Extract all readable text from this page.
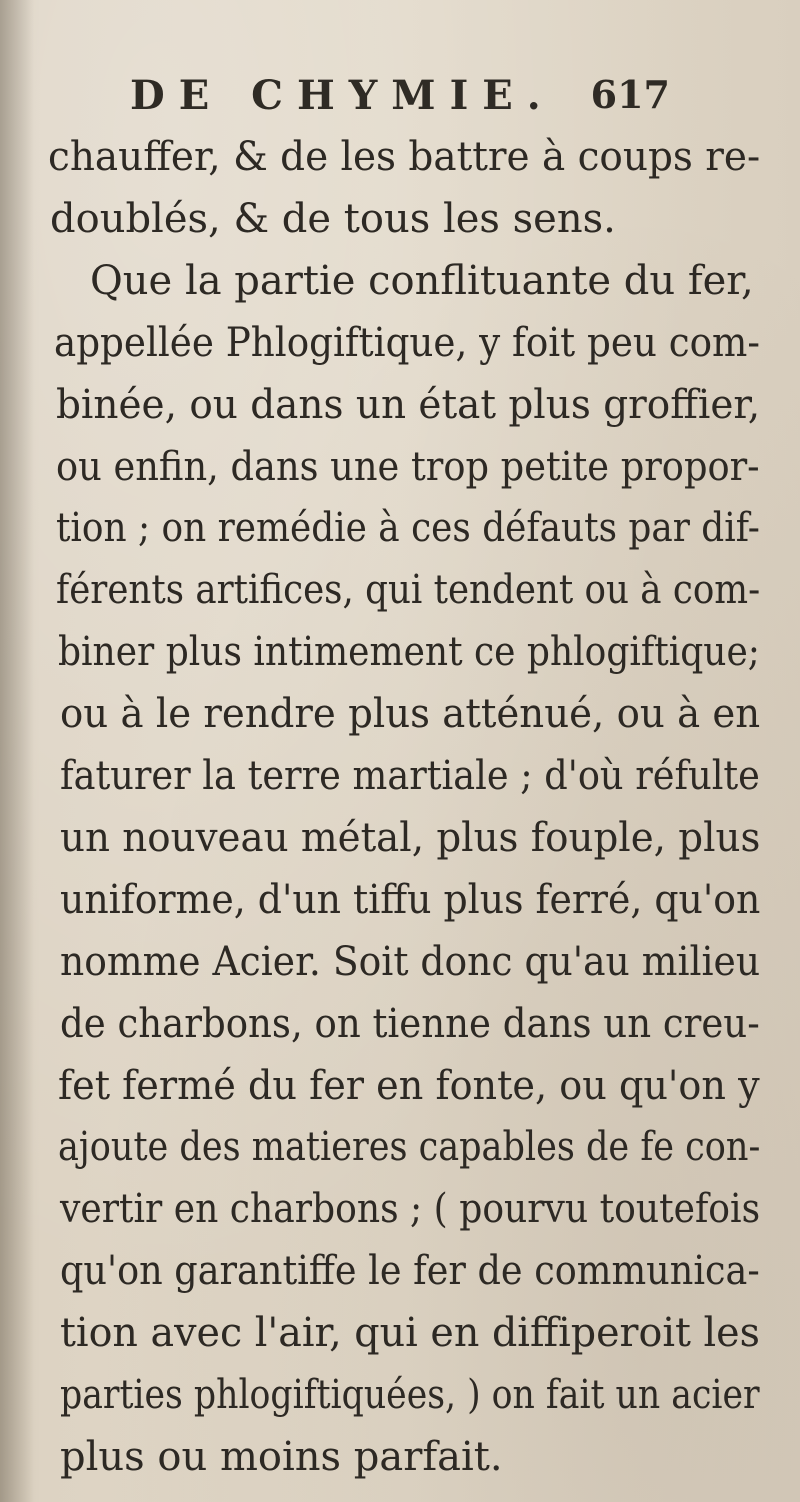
DE CHYMIE. 617
chauffer, & de les battre à coups re-
doublés, & de tous les sens.
Que la partie conflituante du fer,
appellée Phlogiftique, y foit peu com-
binée, ou dans un état plus groffier,
ou enfin, dans une trop petite propor-
tion ; on remédie à ces défauts par dif-
férents artifices, qui tendent ou à com-
biner plus intimement ce phlogiftique;
ou à le rendre plus atténué, ou à en
faturer la terre martiale ; d'où réfulte
un nouveau métal, plus fouple, plus
uniforme, d'un tiffu plus ferré, qu'on
nomme Acier. Soit donc qu'au milieu
de charbons, on tienne dans un creu-
fet fermé du fer en fonte, ou qu'on y
ajoute des matieres capables de fe con-
vertir en charbons ; ( pourvu toutefois
qu'on garantiffe le fer de communica-
tion avec l'air, qui en diffiperoit les
parties phlogiftiquées, ) on fait un acier
plus ou moins parfait.
